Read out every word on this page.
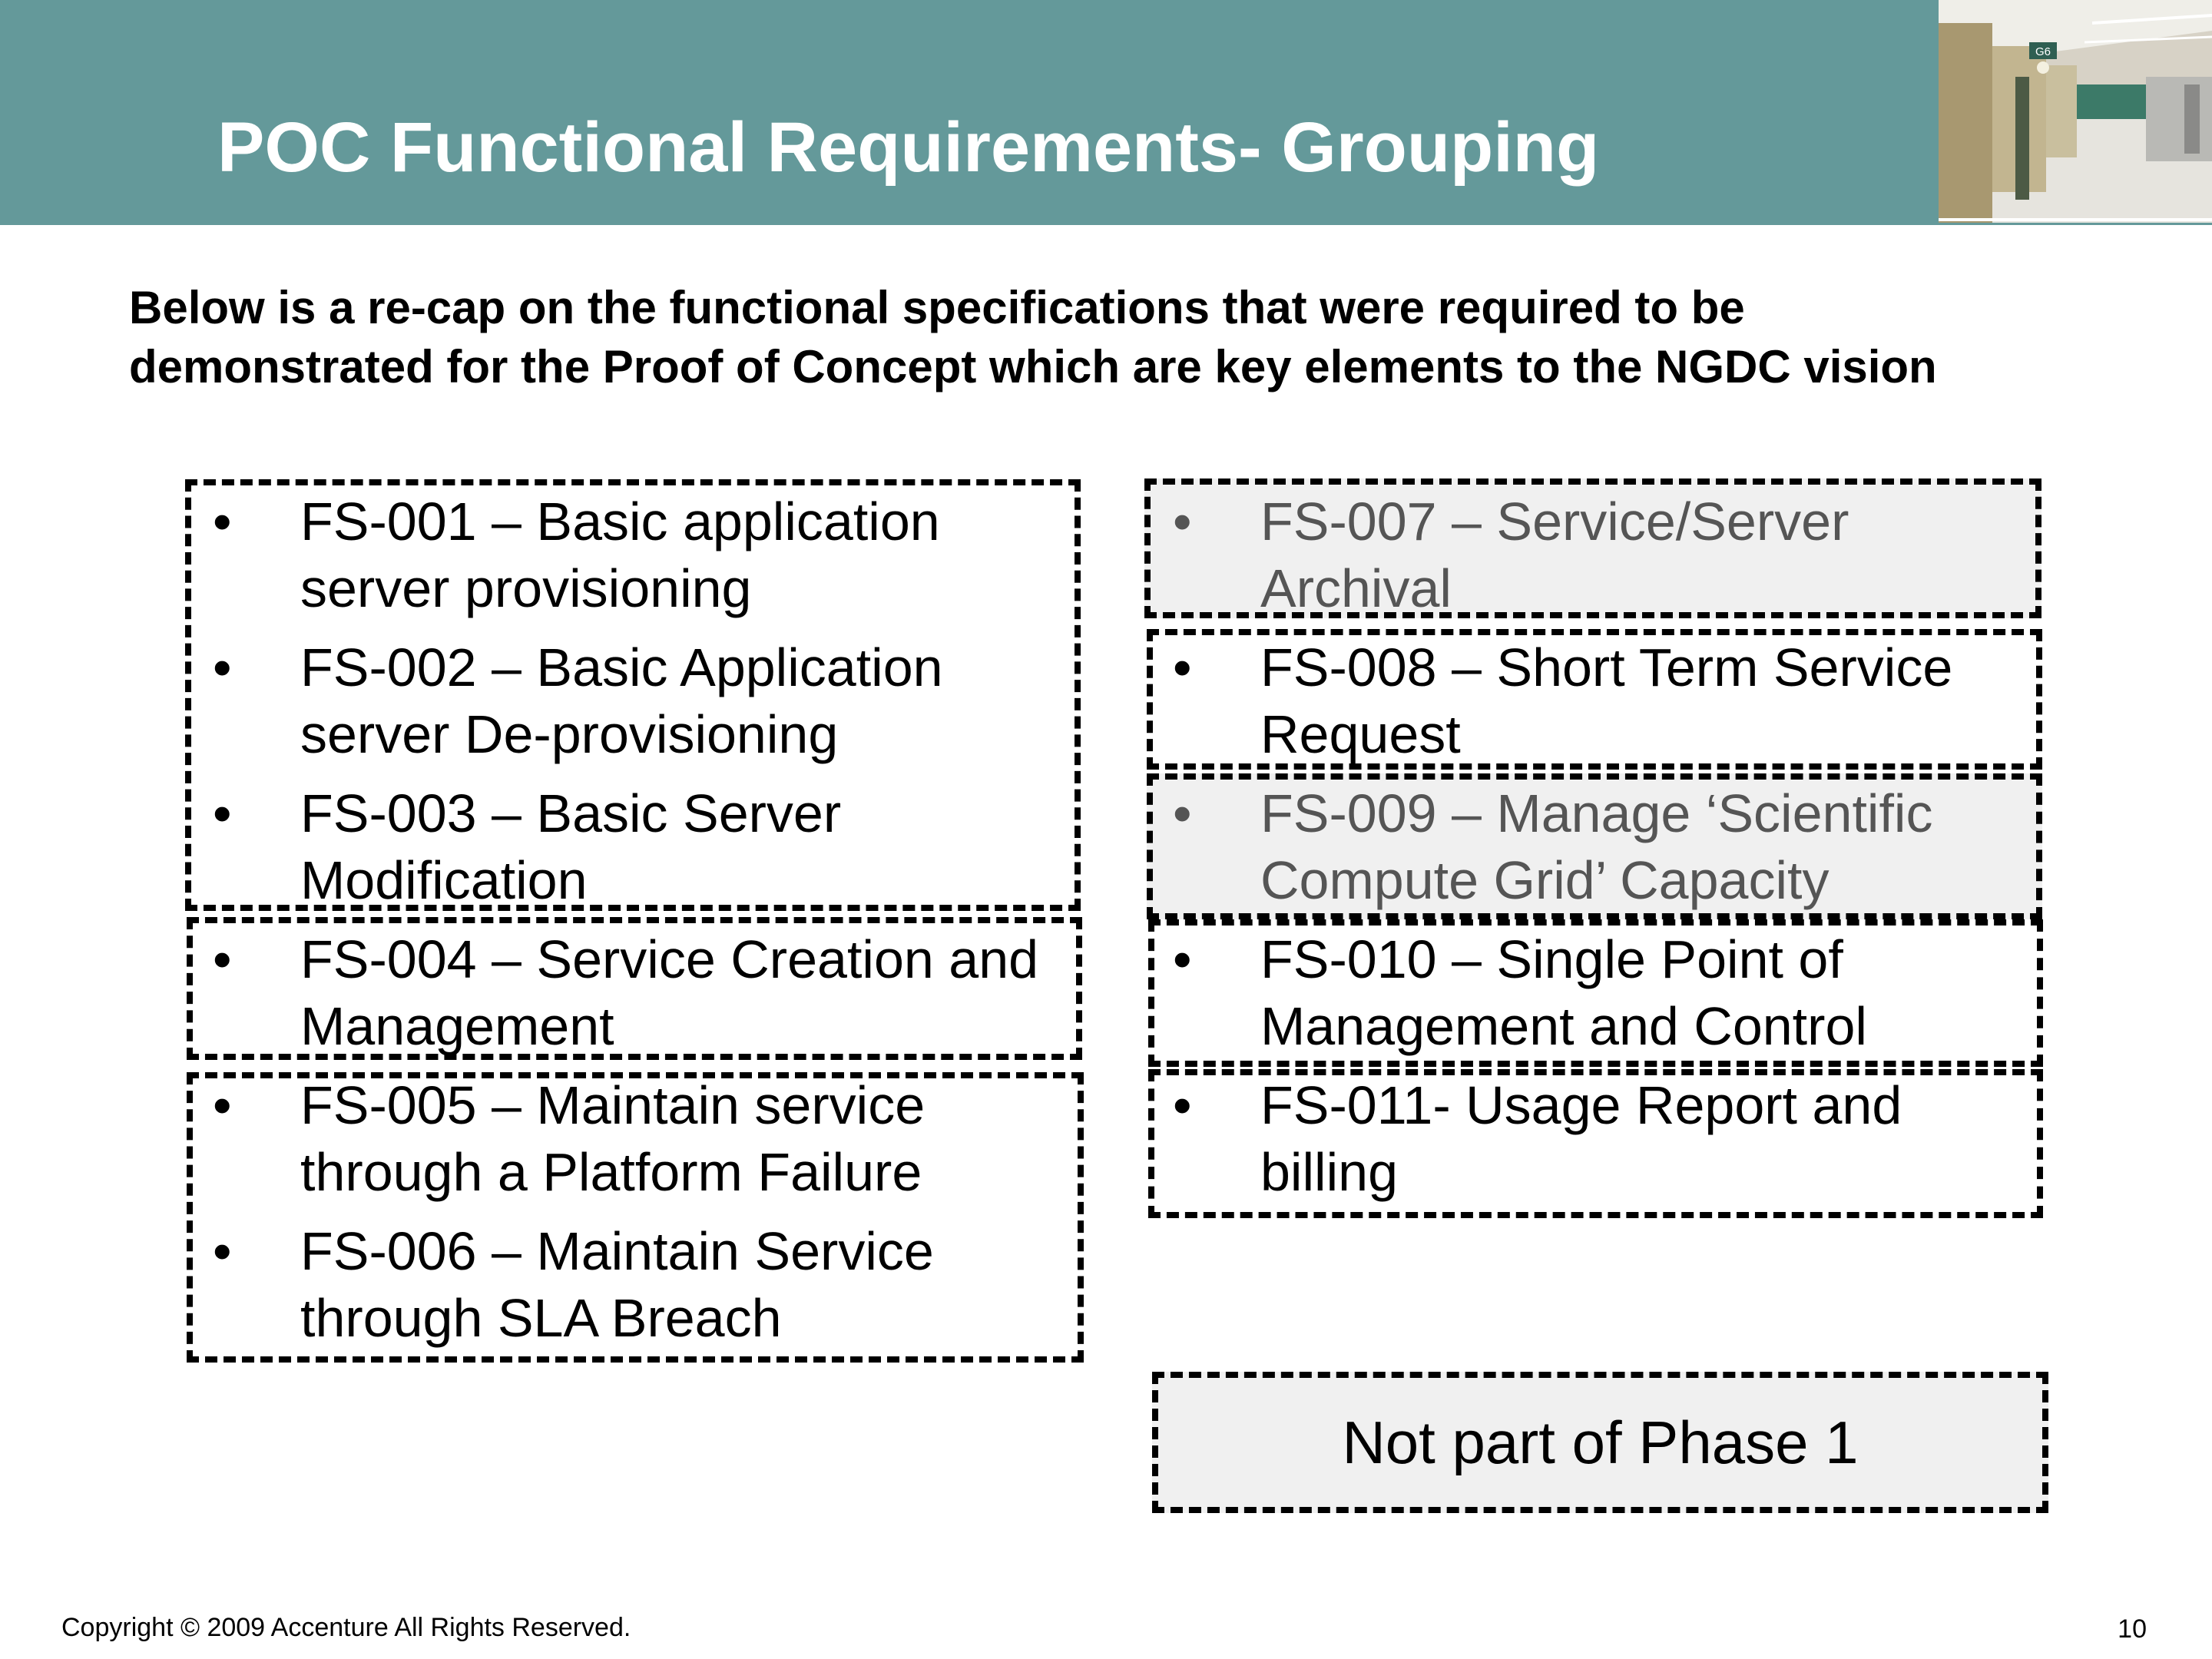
POC Functional Requirements- Grouping
G6
Below is a re-cap on the functional specifications that were required to be
demonstrated for the Proof of Concept which are key elements to the NGDC vision
• FS-001 – Basic application
server provisioning
• FS-002 – Basic Application
server De-provisioning
• FS-003 – Basic Server
Modification
• FS-004 – Service Creation and
Management
• FS-005 – Maintain service
through a Platform Failure
• FS-006 – Maintain Service
through SLA Breach
• FS-007 – Service/Server
Archival
• FS-008 – Short Term Service
Request
• FS-009 – Manage ‘Scientific
Compute Grid’ Capacity
• FS-010 – Single Point of
Management and Control
• FS-011- Usage Report and
billing
Not part of Phase 1
Copyright © 2009 Accenture All Rights Reserved.	10
